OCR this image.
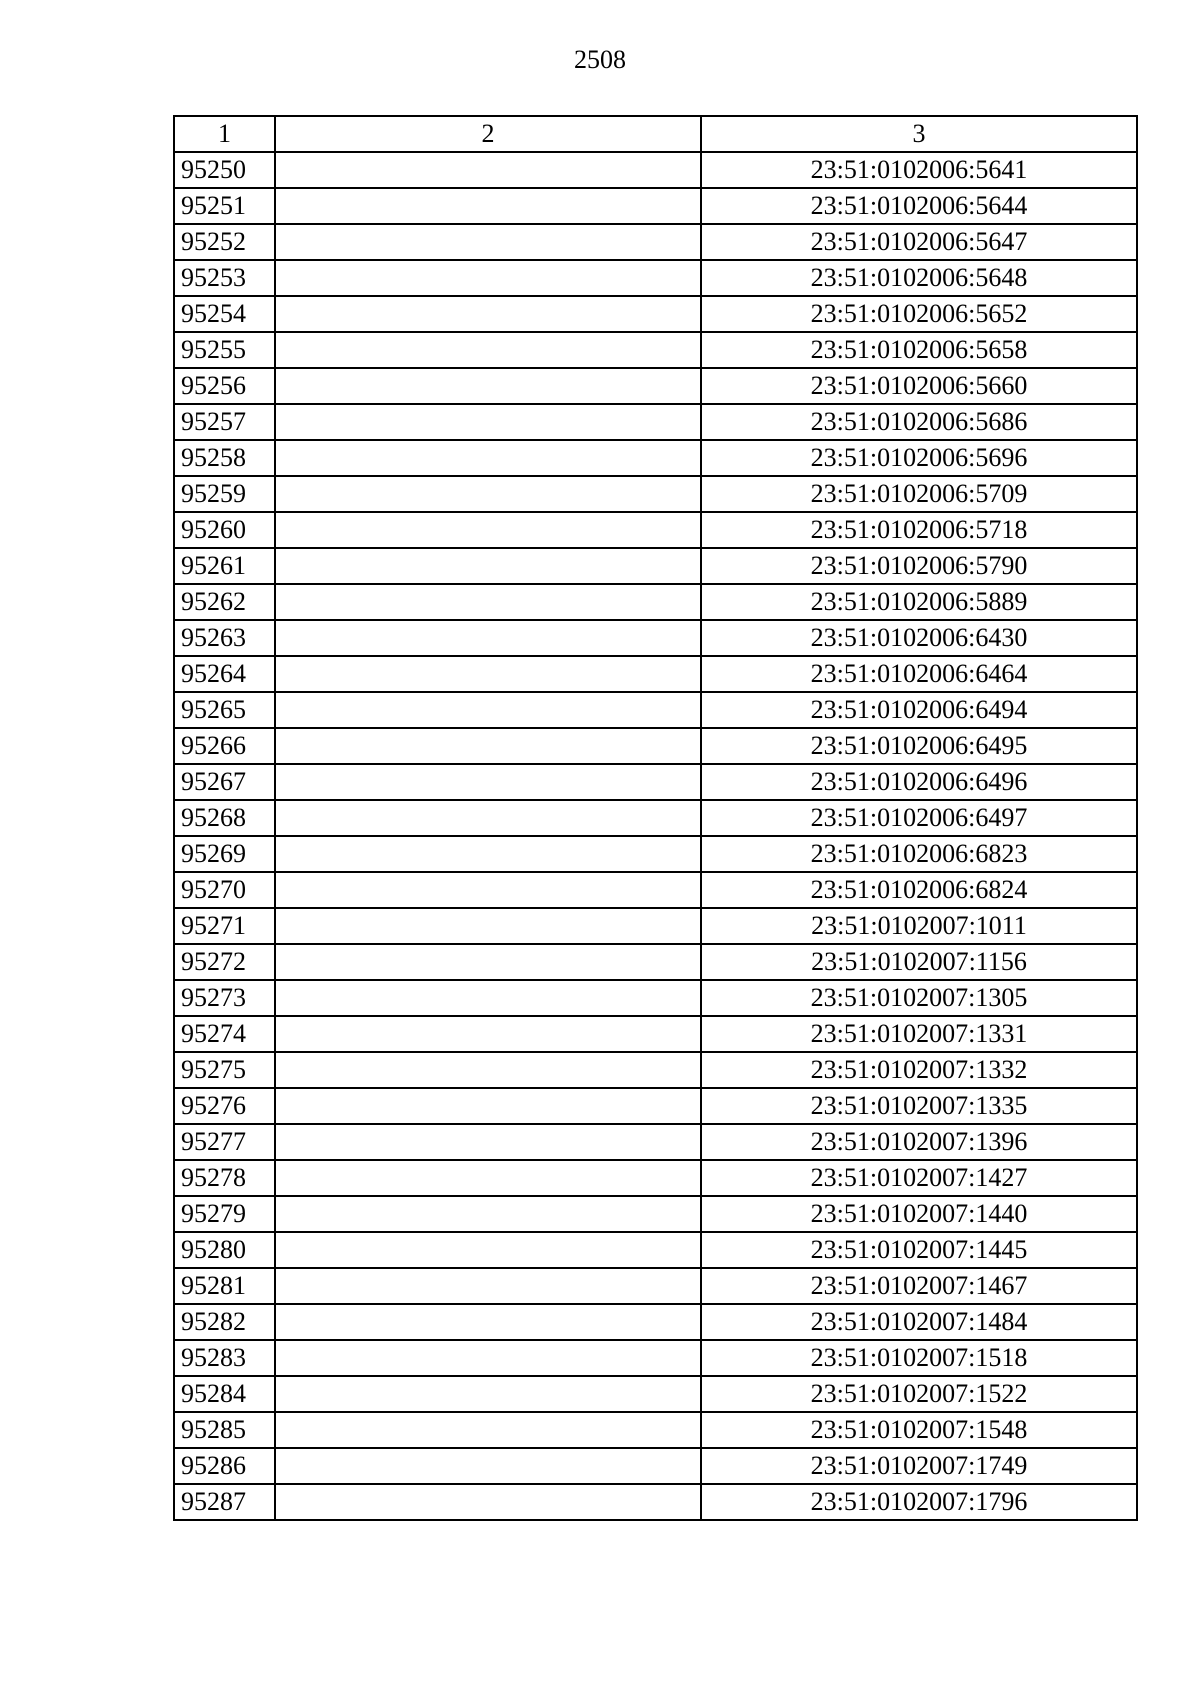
2508
1	2	3
95250		23:51:0102006:5641
95251		23:51:0102006:5644
95252		23:51:0102006:5647
95253		23:51:0102006:5648
95254		23:51:0102006:5652
95255		23:51:0102006:5658
95256		23:51:0102006:5660
95257		23:51:0102006:5686
95258		23:51:0102006:5696
95259		23:51:0102006:5709
95260		23:51:0102006:5718
95261		23:51:0102006:5790
95262		23:51:0102006:5889
95263		23:51:0102006:6430
95264		23:51:0102006:6464
95265		23:51:0102006:6494
95266		23:51:0102006:6495
95267		23:51:0102006:6496
95268		23:51:0102006:6497
95269		23:51:0102006:6823
95270		23:51:0102006:6824
95271		23:51:0102007:1011
95272		23:51:0102007:1156
95273		23:51:0102007:1305
95274		23:51:0102007:1331
95275		23:51:0102007:1332
95276		23:51:0102007:1335
95277		23:51:0102007:1396
95278		23:51:0102007:1427
95279		23:51:0102007:1440
95280		23:51:0102007:1445
95281		23:51:0102007:1467
95282		23:51:0102007:1484
95283		23:51:0102007:1518
95284		23:51:0102007:1522
95285		23:51:0102007:1548
95286		23:51:0102007:1749
95287		23:51:0102007:1796
